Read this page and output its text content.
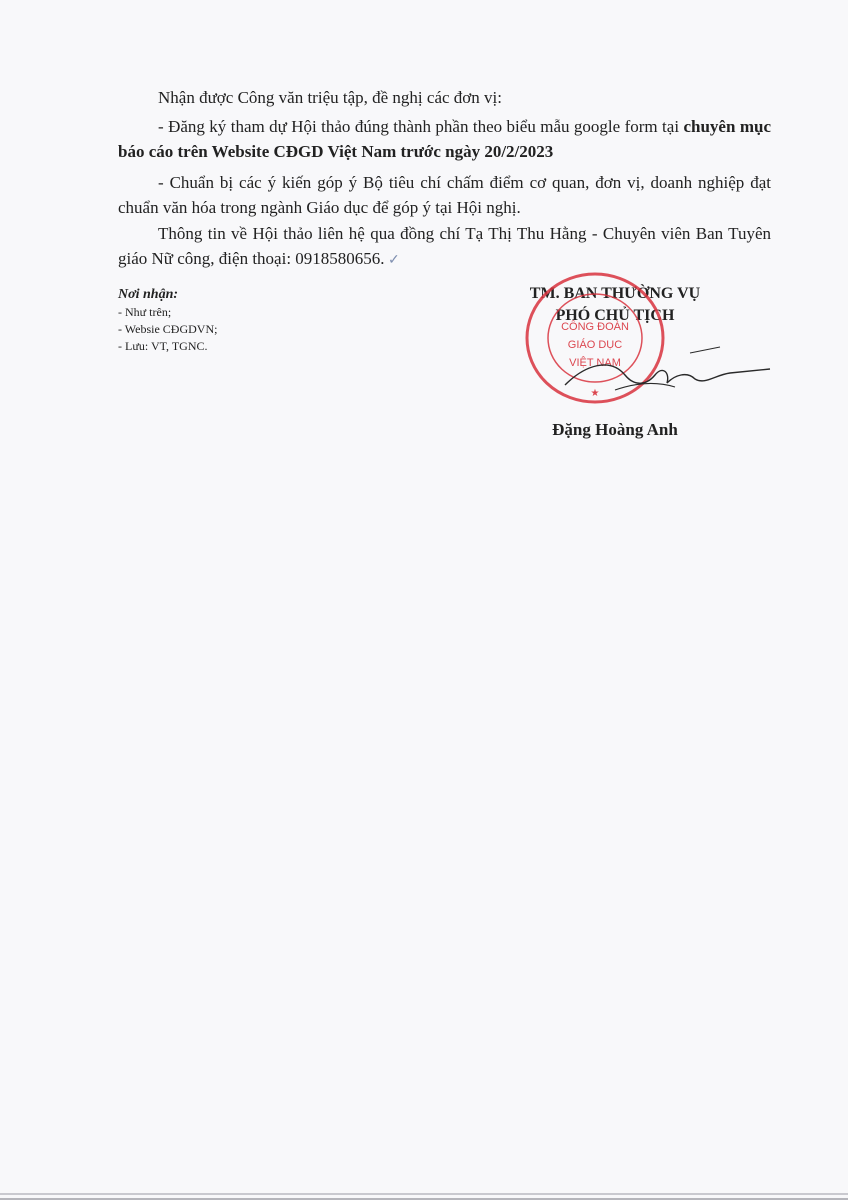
Nhận được Công văn triệu tập, đề nghị các đơn vị:

- Đăng ký tham dự Hội thảo đúng thành phần theo biểu mẫu google form tại chuyên mục báo cáo trên Website CĐGD Việt Nam trước ngày 20/2/2023

- Chuẩn bị các ý kiến góp ý Bộ tiêu chí chấm điểm cơ quan, đơn vị, doanh nghiệp đạt chuẩn văn hóa trong ngành Giáo dục để góp ý tại Hội nghị.

Thông tin về Hội thảo liên hệ qua đồng chí Tạ Thị Thu Hằng - Chuyên viên Ban Tuyên giáo Nữ công, điện thoại: 0918580656. ✓

Nơi nhận:
- Như trên;
- Websie CĐGDVN;
- Lưu: VT, TGNC.
TM. BAN THƯỜNG VỤ
PHÓ CHỦ TỊCH
CÔNG ĐOÀN
GIÁO DỤC
VIỆT NAM
★
Đặng Hoàng Anh
